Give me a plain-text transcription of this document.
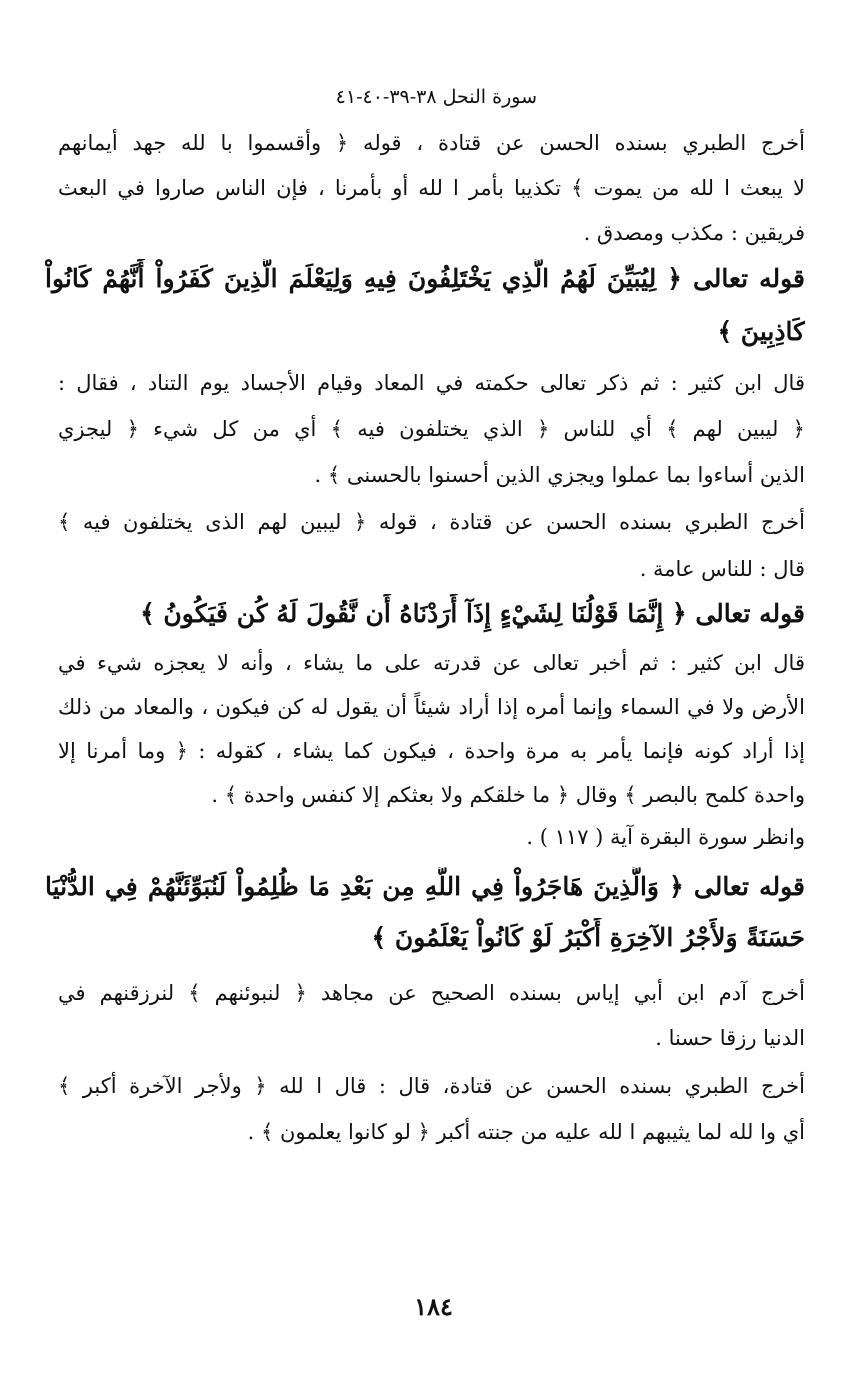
سورة النحل ٣٨-٣٩-٤٠-٤١
أخرج الطبري بسنده الحسن عن قتادة ، قوله ﴿ وأقسموا با لله جهد أيمانهم
لا يبعث ا لله من يموت ﴾ تكذيبا بأمر ا لله أو بأمرنا ، فإن الناس صاروا في البعث
فريقين : مكذب ومصدق .
قوله تعالى ﴿ لِيُبَيِّنَ لَهُمُ الَّذِي يَخْتَلِفُونَ فِيهِ وَلِيَعْلَمَ الَّذِينَ كَفَرُواْ أَنَّهُمْ كَانُواْ
كَاذِبِينَ ﴾
قال ابن كثير : ثم ذكر تعالى حكمته في المعاد وقيام الأجساد يوم التناد ، فقال :
﴿ ليبين لهم ﴾ أي للناس ﴿ الذي يختلفون فيه ﴾ أي من كل شيء ﴿ ليجزي
الذين أساءوا بما عملوا ويجزي الذين أحسنوا بالحسنى ﴾ .
أخرج الطبري بسنده الحسن عن قتادة ، قوله ﴿ ليبين لهم الذى يختلفون فيه ﴾
قال : للناس عامة .
قوله تعالى ﴿ إِنَّمَا قَوْلُنَا لِشَيْءٍ إِذَآ أَرَدْنَاهُ أَن نَّقُولَ لَهُ كُن فَيَكُونُ ﴾
قال ابن كثير : ثم أخبر تعالى عن قدرته على ما يشاء ، وأنه لا يعجزه شيء في
الأرض ولا في السماء وإنما أمره إذا أراد شيئاً أن يقول له كن فيكون ، والمعاد من ذلك
إذا أراد كونه فإنما يأمر به مرة واحدة ، فيكون كما يشاء ، كقوله : ﴿ وما أمرنا إلا
واحدة كلمح بالبصر ﴾ وقال ﴿ ما خلقكم ولا بعثكم إلا كنفس واحدة ﴾ .
وانظر سورة البقرة آية ( ١١٧ ) .
قوله تعالى ﴿ وَالَّذِينَ هَاجَرُواْ فِي اللَّهِ مِن بَعْدِ مَا ظُلِمُواْ لَنُبَوِّئَنَّهُمْ فِي الدُّنْيَا
حَسَنَةً وَلأَجْرُ الآخِرَةِ أَكْبَرُ لَوْ كَانُواْ يَعْلَمُونَ ﴾
أخرج آدم ابن أبي إياس بسنده الصحيح عن مجاهد ﴿ لنبوئنهم ﴾ لنرزقنهم في
الدنيا رزقا حسنا .
أخرج الطبري بسنده الحسن عن قتادة، قال : قال ا لله ﴿ ولأجر الآخرة أكبر ﴾
أي وا لله لما يثيبهم ا لله عليه من جنته أكبر ﴿ لو كانوا يعلمون ﴾ .
١٨٤
